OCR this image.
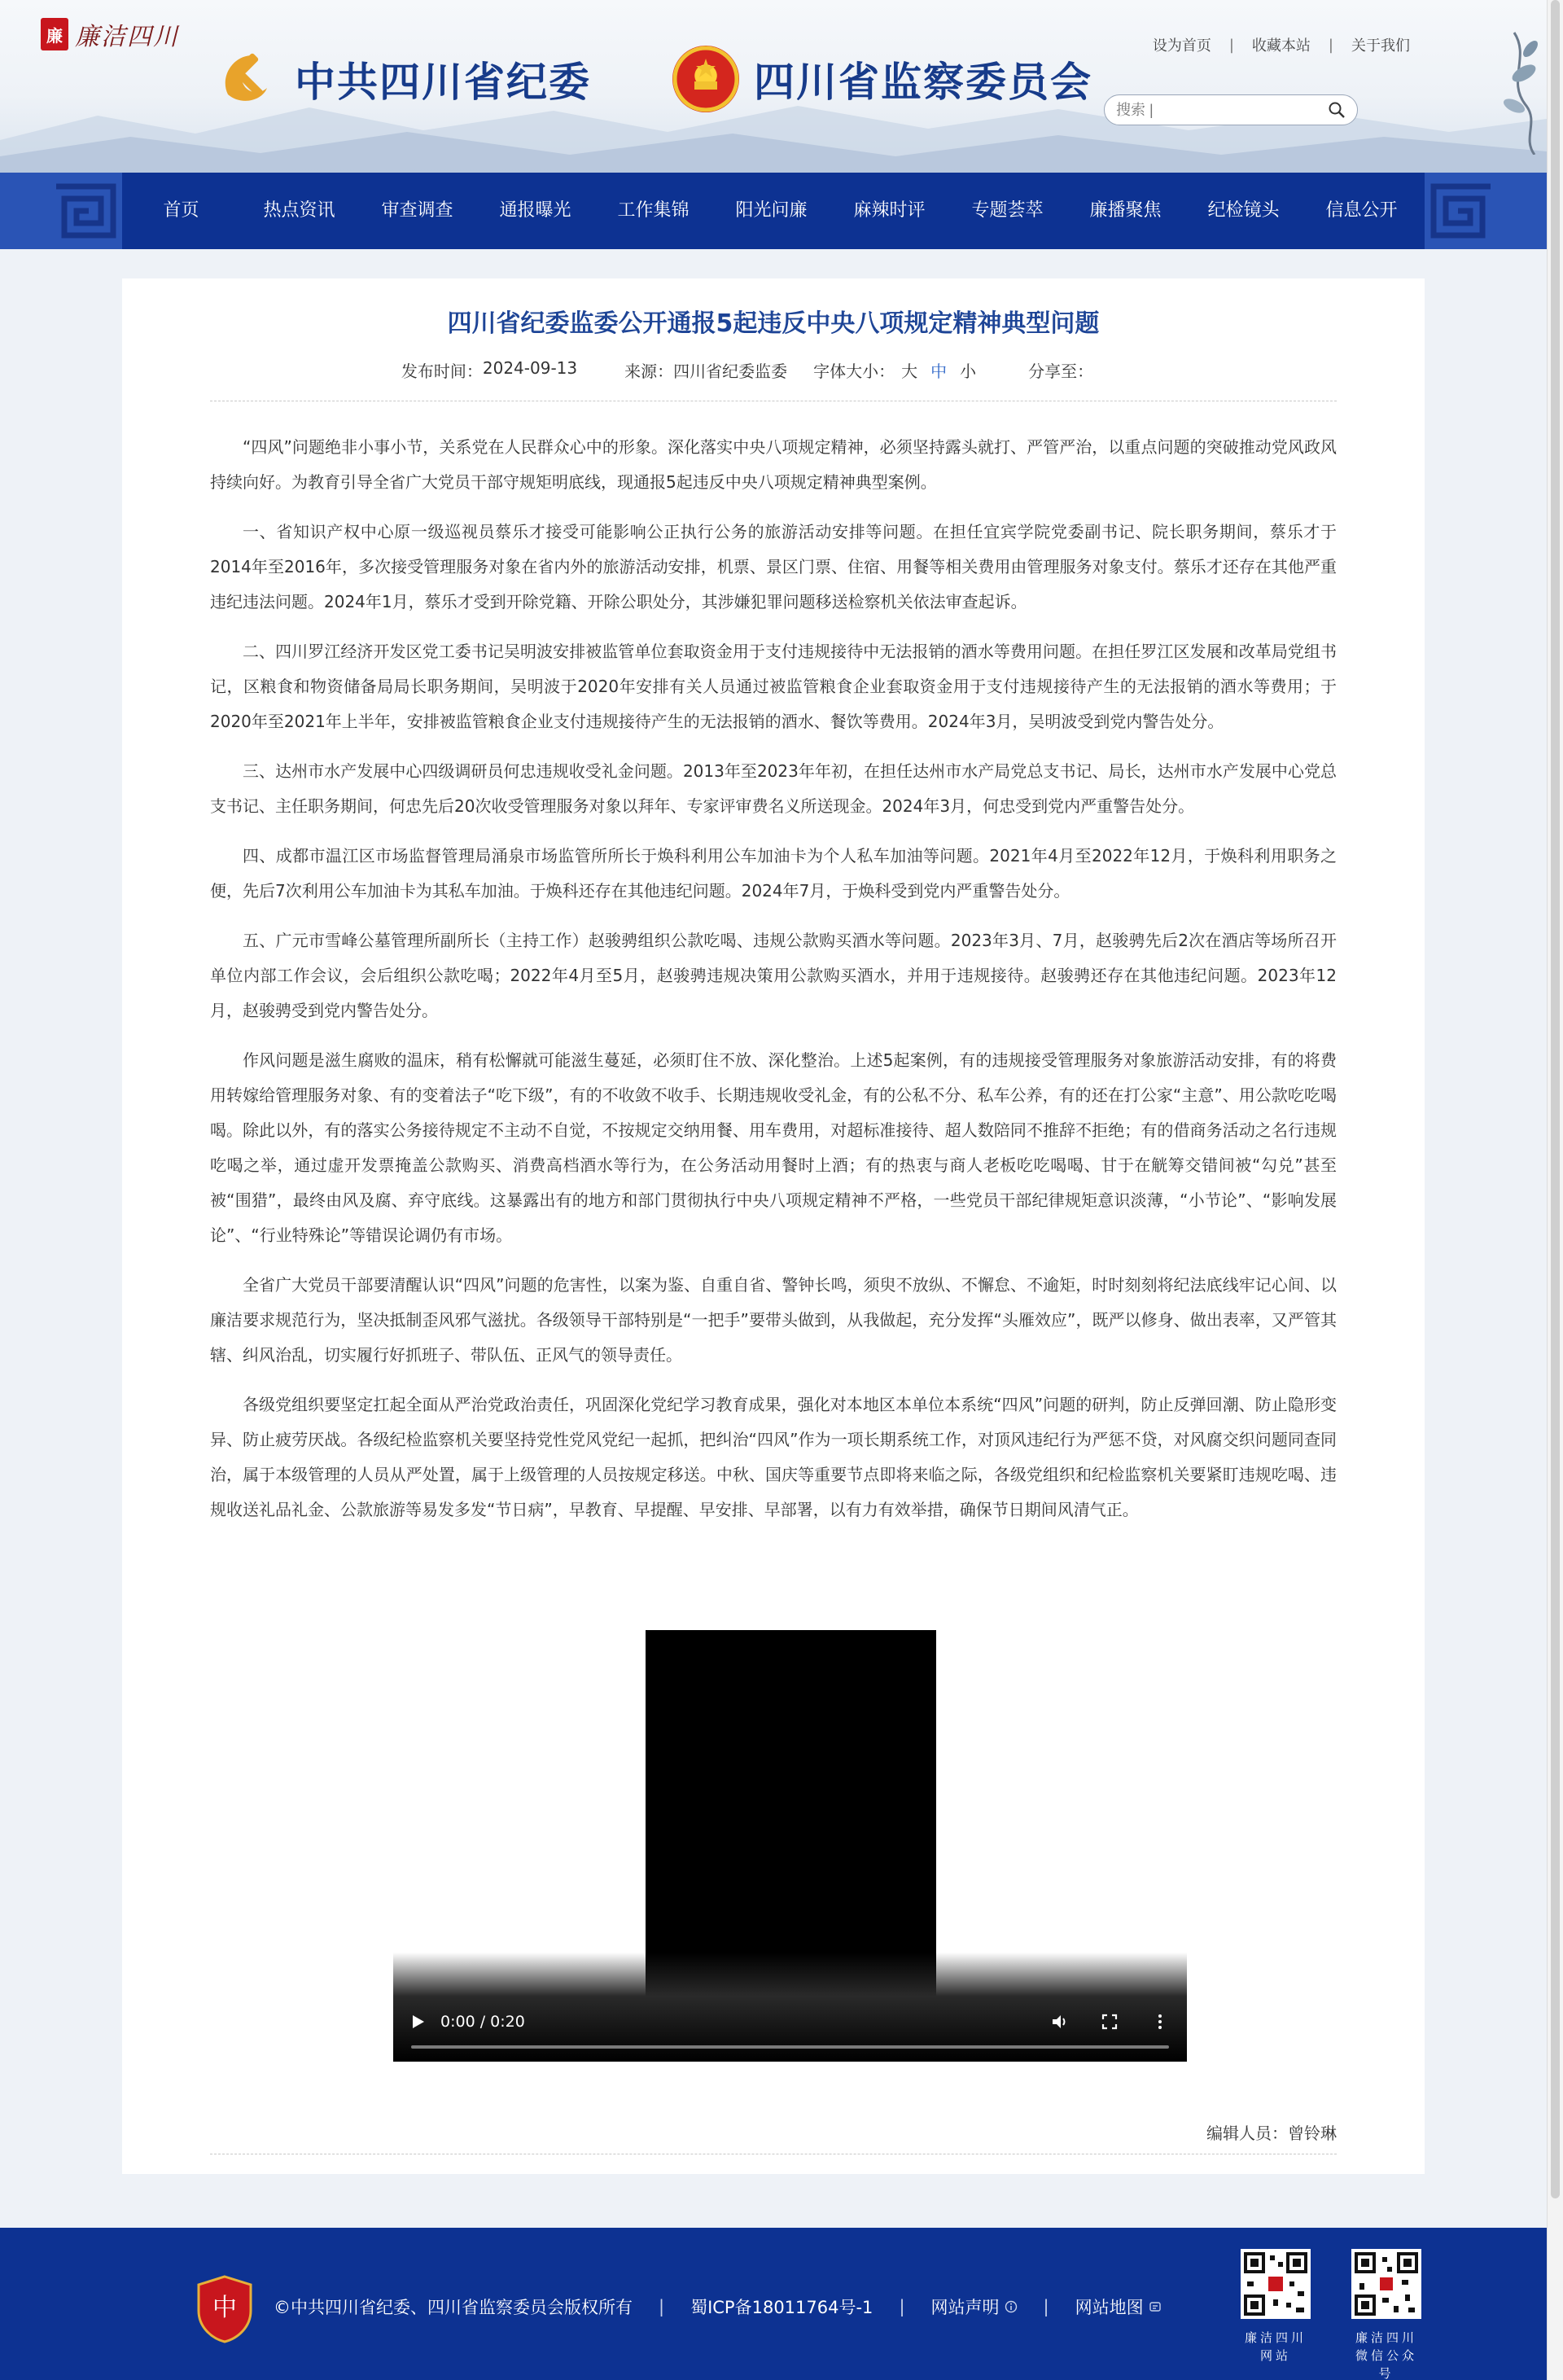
廉 廉洁四川
中共四川省纪委	四川省监察委员会
设为首页 | 收藏本站 | 关于我们
搜索 |
首页	热点资讯	审查调查	通报曝光	工作集锦	阳光问廉	麻辣时评	专题荟萃	廉播聚焦	纪检镜头	信息公开
四川省纪委监委公开通报5起违反中央八项规定精神典型问题
发布时间： 2024-09-13	来源： 四川省纪委监委 字体大小： 大 中 小	分享至：

“四风”问题绝非小事小节，关系党在人民群众心中的形象。深化落实中央八项规定精神，必须坚持露头就打、严管严治，以重点问题的突破推动党风政风持续向好。为教育引导全省广大党员干部守规矩明底线，现通报5起违反中央八项规定精神典型案例。

一、省知识产权中心原一级巡视员蔡乐才接受可能影响公正执行公务的旅游活动安排等问题。在担任宜宾学院党委副书记、院长职务期间，蔡乐才于2014年至2016年，多次接受管理服务对象在省内外的旅游活动安排，机票、景区门票、住宿、用餐等相关费用由管理服务对象支付。蔡乐才还存在其他严重违纪违法问题。2024年1月，蔡乐才受到开除党籍、开除公职处分，其涉嫌犯罪问题移送检察机关依法审查起诉。

二、四川罗江经济开发区党工委书记吴明波安排被监管单位套取资金用于支付违规接待中无法报销的酒水等费用问题。在担任罗江区发展和改革局党组书记，区粮食和物资储备局局长职务期间，吴明波于2020年安排有关人员通过被监管粮食企业套取资金用于支付违规接待产生的无法报销的酒水等费用；于2020年至2021年上半年，安排被监管粮食企业支付违规接待产生的无法报销的酒水、餐饮等费用。2024年3月，吴明波受到党内警告处分。

三、达州市水产发展中心四级调研员何忠违规收受礼金问题。2013年至2023年年初，在担任达州市水产局党总支书记、局长，达州市水产发展中心党总支书记、主任职务期间，何忠先后20次收受管理服务对象以拜年、专家评审费名义所送现金。2024年3月，何忠受到党内严重警告处分。

四、成都市温江区市场监督管理局涌泉市场监管所所长于焕科利用公车加油卡为个人私车加油等问题。2021年4月至2022年12月，于焕科利用职务之便，先后7次利用公车加油卡为其私车加油。于焕科还存在其他违纪问题。2024年7月，于焕科受到党内严重警告处分。

五、广元市雪峰公墓管理所副所长（主持工作）赵骏骋组织公款吃喝、违规公款购买酒水等问题。2023年3月、7月，赵骏骋先后2次在酒店等场所召开单位内部工作会议，会后组织公款吃喝；2022年4月至5月，赵骏骋违规决策用公款购买酒水，并用于违规接待。赵骏骋还存在其他违纪问题。2023年12月，赵骏骋受到党内警告处分。

作风问题是滋生腐败的温床，稍有松懈就可能滋生蔓延，必须盯住不放、深化整治。上述5起案例，有的违规接受管理服务对象旅游活动安排，有的将费用转嫁给管理服务对象、有的变着法子“吃下级”，有的不收敛不收手、长期违规收受礼金，有的公私不分、私车公养，有的还在打公家“主意”、用公款吃吃喝喝。除此以外，有的落实公务接待规定不主动不自觉，不按规定交纳用餐、用车费用，对超标准接待、超人数陪同不推辞不拒绝；有的借商务活动之名行违规吃喝之举，通过虚开发票掩盖公款购买、消费高档酒水等行为，在公务活动用餐时上酒；有的热衷与商人老板吃吃喝喝、甘于在觥筹交错间被“勾兑”甚至被“围猎”，最终由风及腐、弃守底线。这暴露出有的地方和部门贯彻执行中央八项规定精神不严格，一些党员干部纪律规矩意识淡薄，“小节论”、“影响发展论”、“行业特殊论”等错误论调仍有市场。

全省广大党员干部要清醒认识“四风”问题的危害性，以案为鉴、自重自省、警钟长鸣，须臾不放纵、不懈怠、不逾矩，时时刻刻将纪法底线牢记心间、以廉洁要求规范行为，坚决抵制歪风邪气滋扰。各级领导干部特别是“一把手”要带头做到，从我做起，充分发挥“头雁效应”，既严以修身、做出表率，又严管其辖、纠风治乱，切实履行好抓班子、带队伍、正风气的领导责任。

各级党组织要坚定扛起全面从严治党政治责任，巩固深化党纪学习教育成果，强化对本地区本单位本系统“四风”问题的研判，防止反弹回潮、防止隐形变异、防止疲劳厌战。各级纪检监察机关要坚持党性党风党纪一起抓，把纠治“四风”作为一项长期系统工作，对顶风违纪行为严惩不贷，对风腐交织问题同查同治，属于本级管理的人员从严处置，属于上级管理的人员按规定移送。中秋、国庆等重要节点即将来临之际，各级党组织和纪检监察机关要紧盯违规吃喝、违规收送礼品礼金、公款旅游等易发多发“节日病”，早教育、早提醒、早安排、早部署，以有力有效举措，确保节日期间风清气正。

0:00 / 0:20
编辑人员：曾铃琳
中 ©中共四川省纪委、四川省监察委员会版权所有 | 蜀ICP备18011764号-1 | 网站声明	| 网站地图
廉洁四川
网站
廉洁四川
微信公众号
